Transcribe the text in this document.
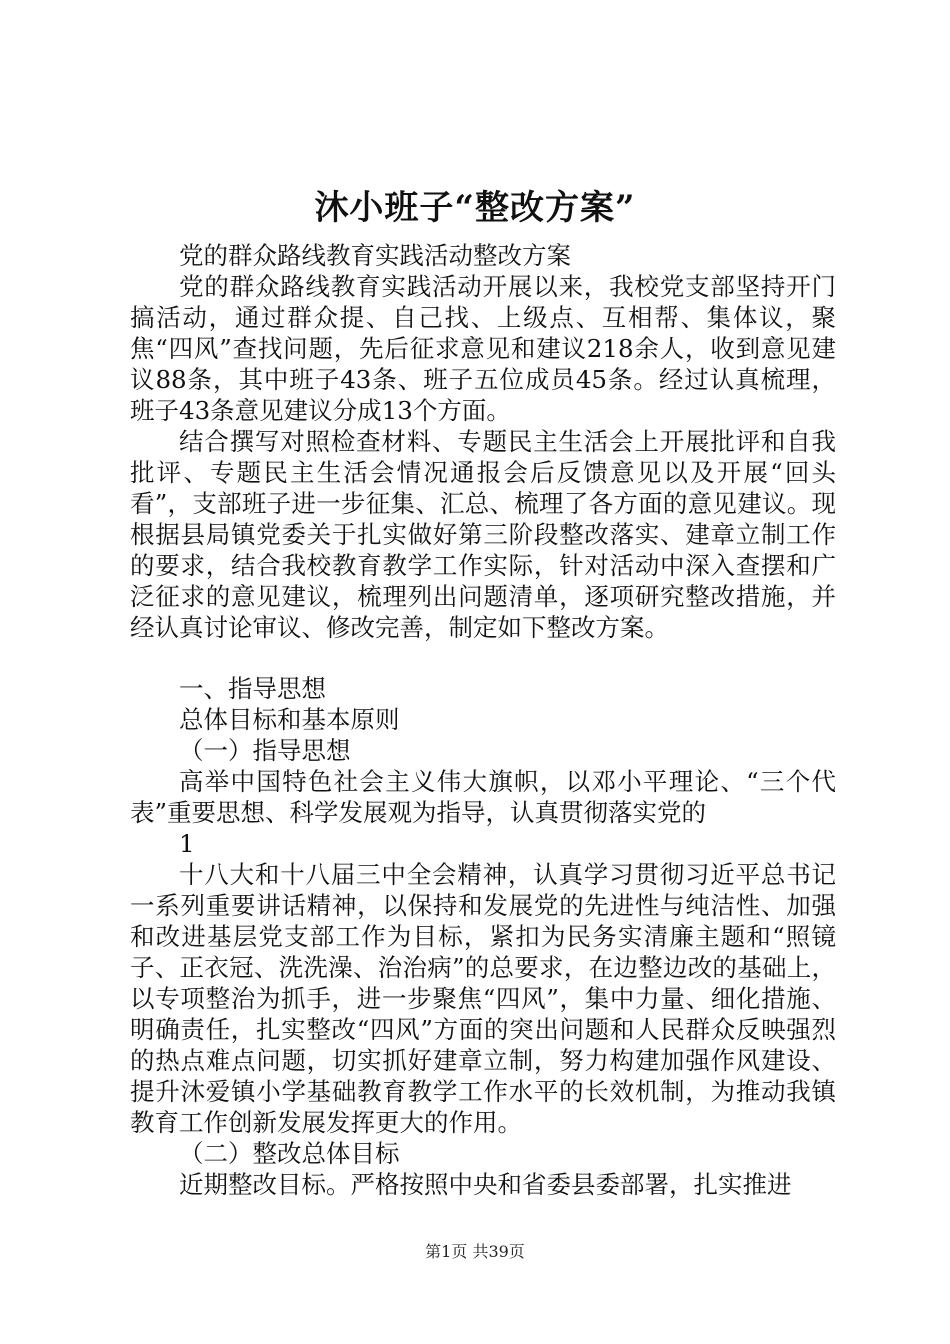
沐小班子“整改方案”

党的群众路线教育实践活动整改方案

党的群众路线教育实践活动开展以来，我校党支部坚持开门搞活动，通过群众提、自己找、上级点、互相帮、集体议，聚焦“四风”查找问题，先后征求意见和建议218余人，收到意见建议88条，其中班子43条、班子五位成员45条。经过认真梳理，班子43条意见建议分成13个方面。

结合撰写对照检查材料、专题民主生活会上开展批评和自我批评、专题民主生活会情况通报会后反馈意见以及开展“回头看”，支部班子进一步征集、汇总、梳理了各方面的意见建议。现根据县局镇党委关于扎实做好第三阶段整改落实、建章立制工作的要求，结合我校教育教学工作实际，针对活动中深入查摆和广泛征求的意见建议，梳理列出问题清单，逐项研究整改措施，并经认真讨论审议、修改完善，制定如下整改方案。

一、指导思想

总体目标和基本原则

（一）指导思想

高举中国特色社会主义伟大旗帜，以邓小平理论、“三个代表”重要思想、科学发展观为指导，认真贯彻落实党的

1

十八大和十八届三中全会精神，认真学习贯彻习近平总书记一系列重要讲话精神，以保持和发展党的先进性与纯洁性、加强和改进基层党支部工作为目标，紧扣为民务实清廉主题和“照镜子、正衣冠、洗洗澡、治治病”的总要求，在边整边改的基础上，以专项整治为抓手，进一步聚焦“四风”，集中力量、细化措施、明确责任，扎实整改“四风”方面的突出问题和人民群众反映强烈的热点难点问题，切实抓好建章立制，努力构建加强作风建设、提升沐爱镇小学基础教育教学工作水平的长效机制，为推动我镇教育工作创新发展发挥更大的作用。

（二）整改总体目标

近期整改目标。严格按照中央和省委县委部署，扎实推进

第1页 共39页
